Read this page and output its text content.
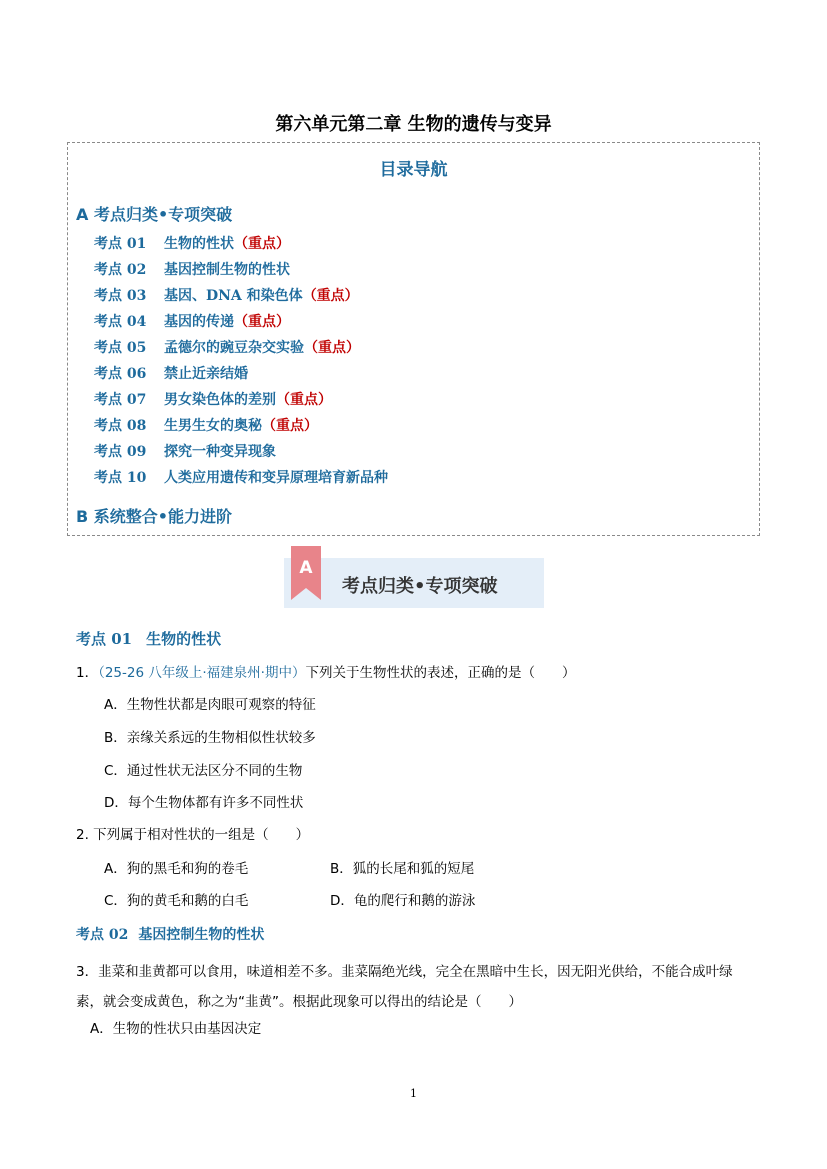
第六单元第二章 生物的遗传与变异
目录导航
A 考点归类•专项突破
考点 01 生物的性状（重点）
考点 02 基因控制生物的性状
考点 03 基因、DNA 和染色体（重点）
考点 04 基因的传递（重点）
考点 05 孟德尔的豌豆杂交实验（重点）
考点 06 禁止近亲结婚
考点 07 男女染色体的差别（重点）
考点 08 生男生女的奥秘（重点）
考点 09 探究一种变异现象
考点 10 人类应用遗传和变异原理培育新品种
B 系统整合•能力进阶
A
考点归类•专项突破
考点 01 生物的性状
1．（25-26 八年级上·福建泉州·期中）下列关于生物性状的表述，正确的是（　　）
A．生物性状都是肉眼可观察的特征
B．亲缘关系远的生物相似性状较多
C．通过性状无法区分不同的生物
D．每个生物体都有许多不同性状
2. 下列属于相对性状的一组是（　　）
A．狗的黑毛和狗的卷毛	B．狐的长尾和狐的短尾
C．狗的黄毛和鹅的白毛	D．龟的爬行和鹅的游泳
考点 02 基因控制生物的性状
3．韭菜和韭黄都可以食用，味道相差不多。韭菜隔绝光线，完全在黑暗中生长，因无阳光供给，不能合成叶绿素，就会变成黄色，称之为“韭黄”。根据此现象可以得出的结论是（　　）
A．生物的性状只由基因决定
1
